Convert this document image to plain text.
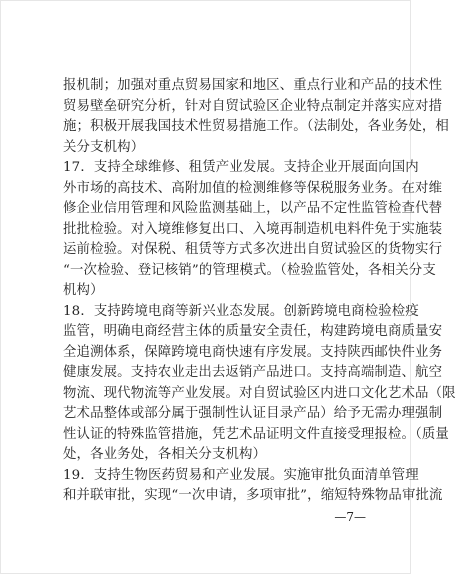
报机制；加强对重点贸易国家和地区、重点行业和产品的技术性
贸易壁垒研究分析，针对自贸试验区企业特点制定并落实应对措
施；积极开展我国技术性贸易措施工作。（法制处，各业务处，相
关分支机构）
17．支持全球维修、租赁产业发展。支持企业开展面向国内
外市场的高技术、高附加值的检测维修等保税服务业务。在对维
修企业信用管理和风险监测基础上，以产品不定性监管检查代替
批批检验。对入境维修复出口、入境再制造机电料件免于实施装
运前检验。对保税、租赁等方式多次进出自贸试验区的货物实行
“一次检验、登记核销”的管理模式。（检验监管处，各相关分支
机构）
18．支持跨境电商等新兴业态发展。创新跨境电商检验检疫
监管，明确电商经营主体的质量安全责任，构建跨境电商质量安
全追溯体系，保障跨境电商快速有序发展。支持陕西邮快件业务
健康发展。支持农业走出去返销产品进口。支持高端制造、航空
物流、现代物流等产业发展。对自贸试验区内进口文化艺术品（限
艺术品整体或部分属于强制性认证目录产品）给予无需办理强制
性认证的特殊监管措施，凭艺术品证明文件直接受理报检。（质量
处，各业务处，各相关分支机构）
19．支持生物医药贸易和产业发展。实施审批负面清单管理
和并联审批，实现“一次申请，多项审批”，缩短特殊物品审批流
—7—
